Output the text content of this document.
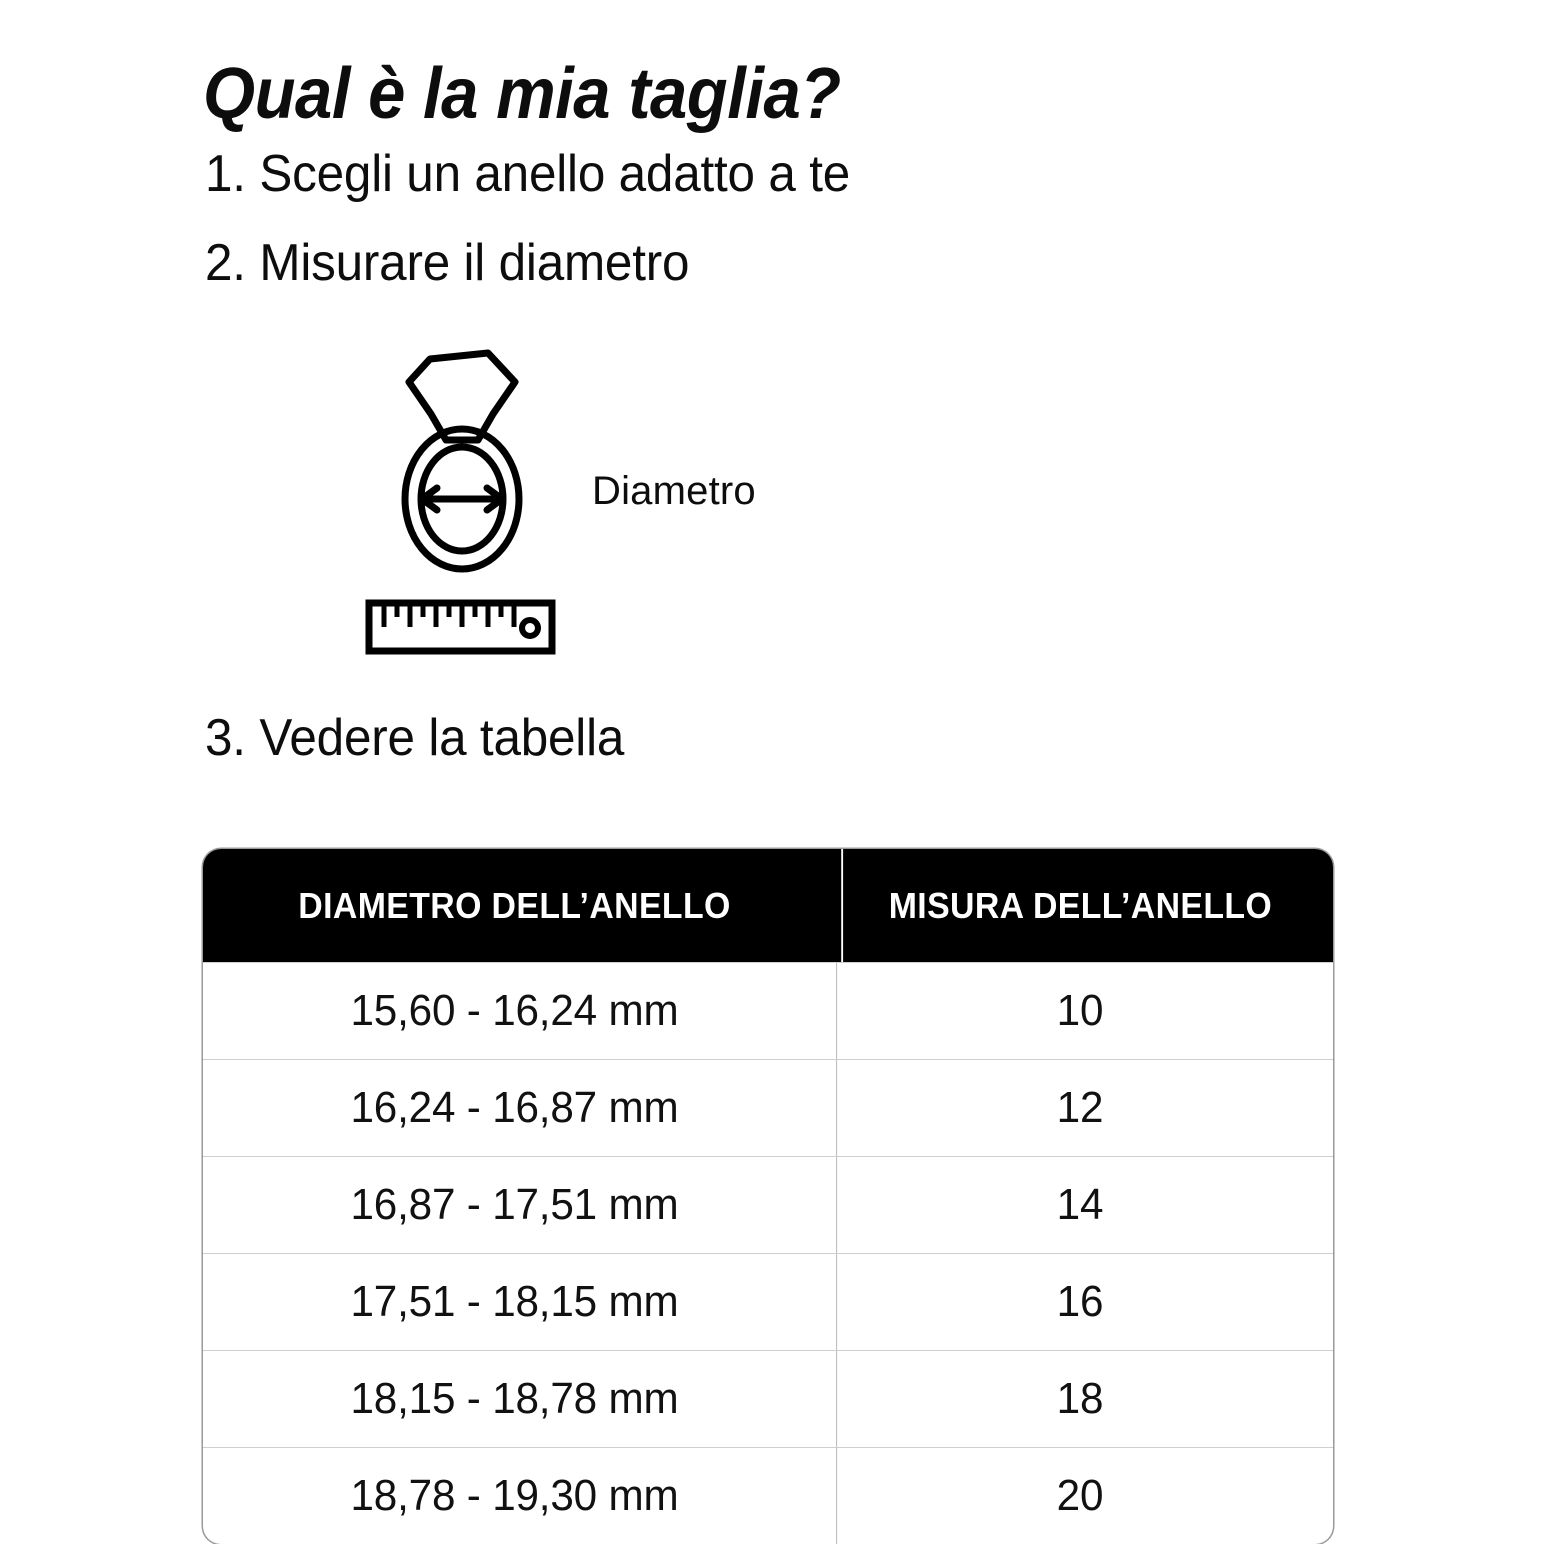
Qual è la mia taglia?
1. Scegli un anello adatto a te
2. Misurare il diametro
Diametro
3. Vedere la tabella
DIAMETRO DELL’ANELLO	MISURA DELL’ANELLO
15,60 - 16,24 mm	10
16,24 - 16,87 mm	12
16,87 - 17,51 mm	14
17,51 - 18,15 mm	16
18,15 - 18,78 mm	18
18,78 - 19,30 mm	20
